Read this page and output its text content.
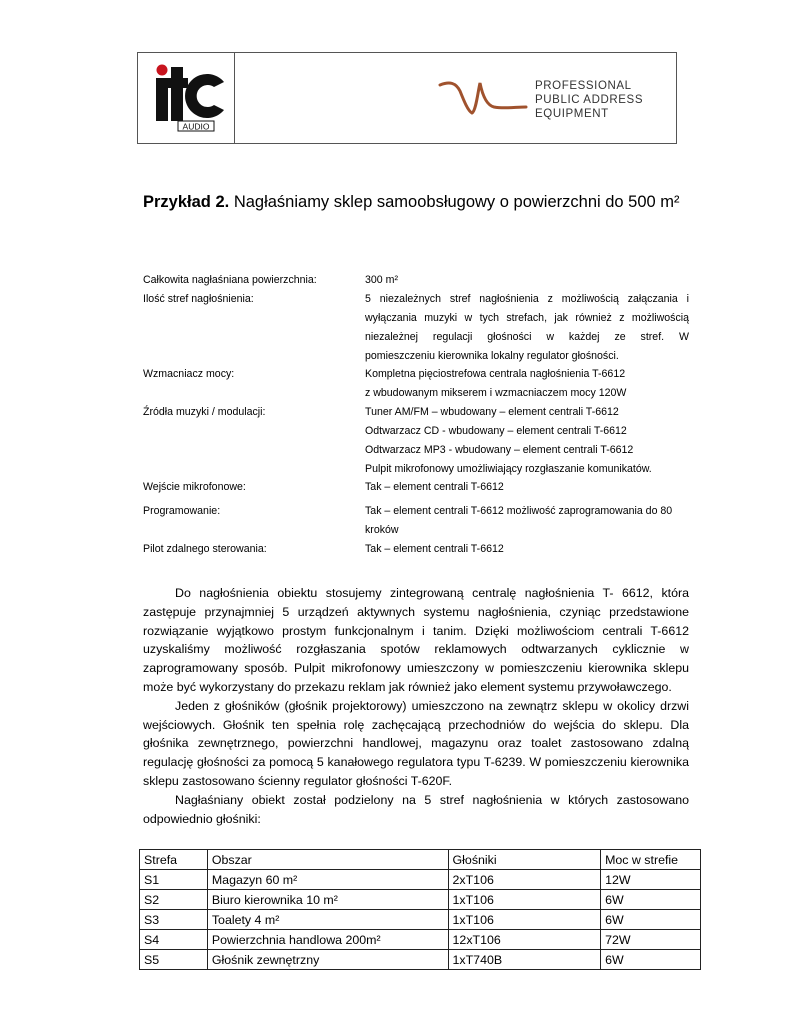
AUDIO
PROFESSIONAL
PUBLIC ADDRESS
EQUIPMENT
Przykład 2. Nagłaśniamy sklep samoobsługowy o powierzchni do 500 m²
Całkowita nagłaśniana powierzchnia:	300 m²
Ilość stref nagłośnienia:	5 niezależnych stref nagłośnienia z możliwością załączania i
wyłączania muzyki w tych strefach, jak również z możliwością
niezależnej regulacji głośności w każdej ze stref. W
pomieszczeniu kierownika lokalny regulator głośności.
Wzmacniacz mocy:	Kompletna pięciostrefowa centrala nagłośnienia T-6612
z wbudowanym mikserem i wzmacniaczem mocy 120W
Źródła muzyki / modulacji:	Tuner AM/FM – wbudowany – element centrali T-6612
Odtwarzacz CD - wbudowany – element centrali T-6612
Odtwarzacz MP3 - wbudowany – element centrali T-6612
Pulpit mikrofonowy umożliwiający rozgłaszanie komunikatów.
Wejście mikrofonowe:	Tak – element centrali T-6612
Programowanie:	Tak – element centrali T-6612 możliwość zaprogramowania do 80
kroków
Pilot zdalnego sterowania:	Tak – element centrali T-6612

Do nagłośnienia obiektu stosujemy zintegrowaną centralę nagłośnienia T- 6612, która zastępuje przynajmniej 5 urządzeń aktywnych systemu nagłośnienia, czyniąc przedstawione rozwiązanie wyjątkowo prostym funkcjonalnym i tanim. Dzięki możliwościom centrali T-6612 uzyskaliśmy możliwość rozgłaszania spotów reklamowych odtwarzanych cyklicznie w zaprogramowany sposób. Pulpit mikrofonowy umieszczony w pomieszczeniu kierownika sklepu może być wykorzystany do przekazu reklam jak również jako element systemu przywoławczego.

Jeden z głośników (głośnik projektorowy) umieszczono na zewnątrz sklepu w okolicy drzwi wejściowych. Głośnik ten spełnia rolę zachęcającą przechodniów do wejścia do sklepu. Dla głośnika zewnętrznego, powierzchni handlowej, magazynu oraz toalet zastosowano zdalną regulację głośności za pomocą 5 kanałowego regulatora typu T-6239. W pomieszczeniu kierownika sklepu zastosowano ścienny regulator głośności T-620F.

Nagłaśniany obiekt został podzielony na 5 stref nagłośnienia w których zastosowano odpowiednio głośniki:

Strefa	Obszar	Głośniki	Moc w strefie
S1	Magazyn 60 m²	2xT106	12W
S2	Biuro kierownika 10 m²	1xT106	6W
S3	Toalety 4 m²	1xT106	6W
S4	Powierzchnia handlowa 200m²	12xT106	72W
S5	Głośnik zewnętrzny	1xT740B	6W
